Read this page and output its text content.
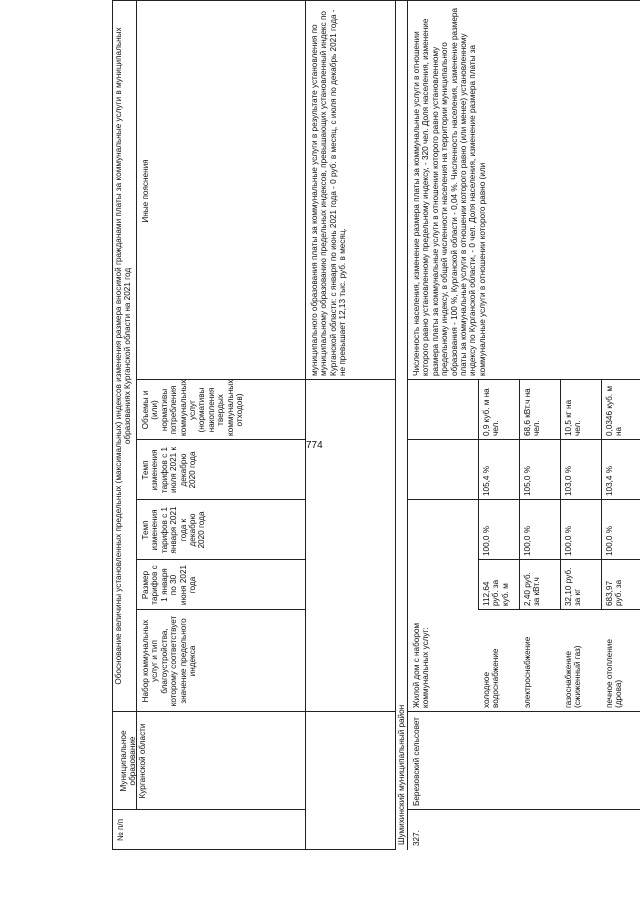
774
№ п/п
Муниципальное образование Курганской области
Обоснование величины установленных предельных (максимальных) индексов изменения размера вносимой гражданами платы за коммунальные услуги в муниципальных образованиях Курганской области на 2021 год
Набор коммунальных услуг и тип благоустройства, которому соответствует значение предельного индекса
Размер тарифов с 1 января по 30 июня 2021 года
Темп изменения тарифов с 1 января 2021 года к декабрю 2020 года
Темп изменения тарифов с 1 июля 2021 к декабрю 2020 года
Объемы и (или) нормативы потребления коммунальных услуг (нормативы накопления твердых коммунальных отходов)
Иные пояснения	муниципального образования платы за коммунальные услуги в результате установления по муниципальному образованию предельных индексов, превышающих установленный индекс по Курганской области: с января по июнь 2021 года - 0 руб. в месяц, с июля по декабрь 2021 года - не превышает 12,13 тыс. руб. в месяц.
Шумихинский муниципальный район 327.
Березовский сельсовет
Жилой дом с набором коммунальных услуг:	холодное водоснабжение
112,64 руб. за куб. м
100,0 %
105,4 %
0,9 куб. м на чел.
электроснабжение
2,40 руб. за кВт.ч
100,0 %
105,0 %
68,6 кВт.ч на чел.
газоснабжение (сжиженный газ)
32,10 руб. за кг
100,0 %
103,0 %
10,5 кг на чел.
печное отопление (дрова)
683,97 руб. за
100,0 %
103,4 %
0,0346 куб. м на
Численность населения, изменение размера платы за коммунальные услуги в отношении которого равно установленному предельному индексу, - 320 чел. Доля населения, изменение размера платы за коммунальные услуги в отношении которого равно установленному предельному индексу, в общей численности населения на территории муниципального образования - 100 %, Курганской области - 0,04 %. Численность населения, изменение размера платы за коммунальные услуги в отношении которого равно (или менее) установленному индексу по Курганской области, - 0 чел. Доля населения, изменение размера платы за коммунальные услуги в отношении которого равно (или
